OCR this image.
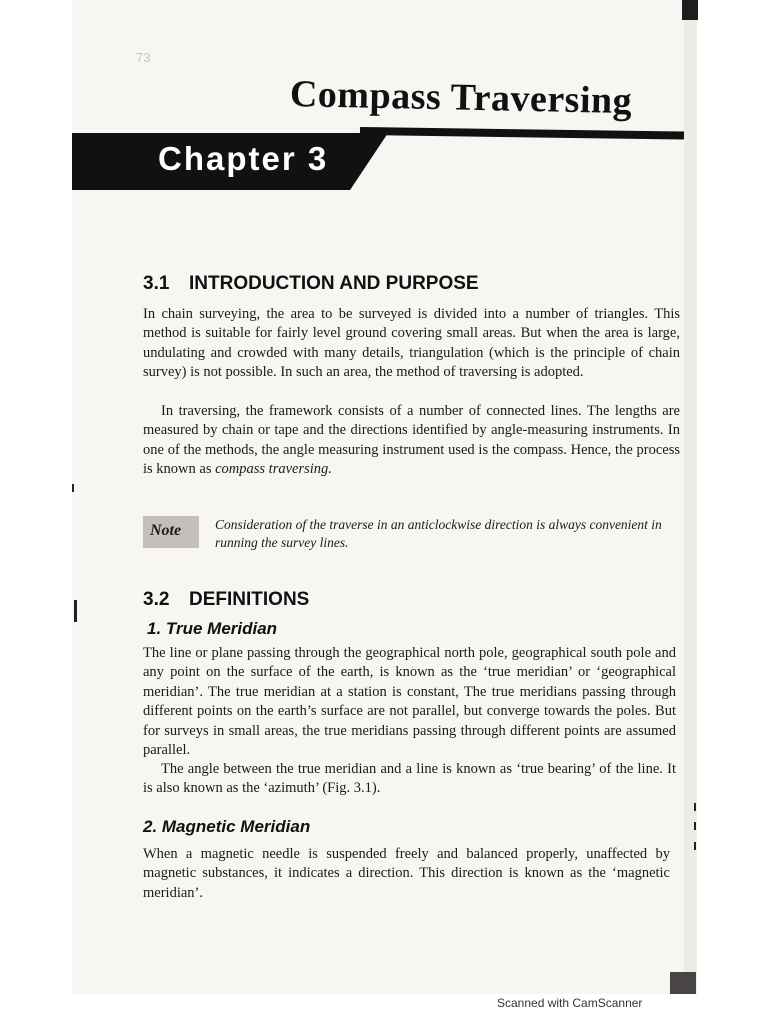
73
Compass Traversing
Chapter 3
3.1 INTRODUCTION AND PURPOSE

In chain surveying, the area to be surveyed is divided into a number of triangles. This method is suitable for fairly level ground covering small areas. But when the area is large, undulating and crowded with many details, triangulation (which is the principle of chain survey) is not possible. In such an area, the method of traversing is adopted.

In traversing, the framework consists of a number of connected lines. The lengths are measured by chain or tape and the directions identified by angle-measuring instruments. In one of the methods, the angle measuring instrument used is the compass. Hence, the process is known as compass traversing.

Note	Consideration of the traverse in an anticlockwise direction is always convenient in running the survey lines.

3.2 DEFINITIONS
1. True Meridian

The line or plane passing through the geographical north pole, geographical south pole and any point on the surface of the earth, is known as the ‘true meridian’ or ‘geographical meridian’. The true meridian at a station is constant, The true meridians passing through different points on the earth’s surface are not parallel, but converge towards the poles. But for surveys in small areas, the true meridians passing through different points are assumed parallel.

The angle between the true meridian and a line is known as ‘true bearing’ of the line. It is also known as the ‘azimuth’ (Fig. 3.1).

2. Magnetic Meridian

When a magnetic needle is suspended freely and balanced properly, unaffected by magnetic substances, it indicates a direction. This direction is known as the ‘magnetic meridian’.

Scanned with CamScanner
